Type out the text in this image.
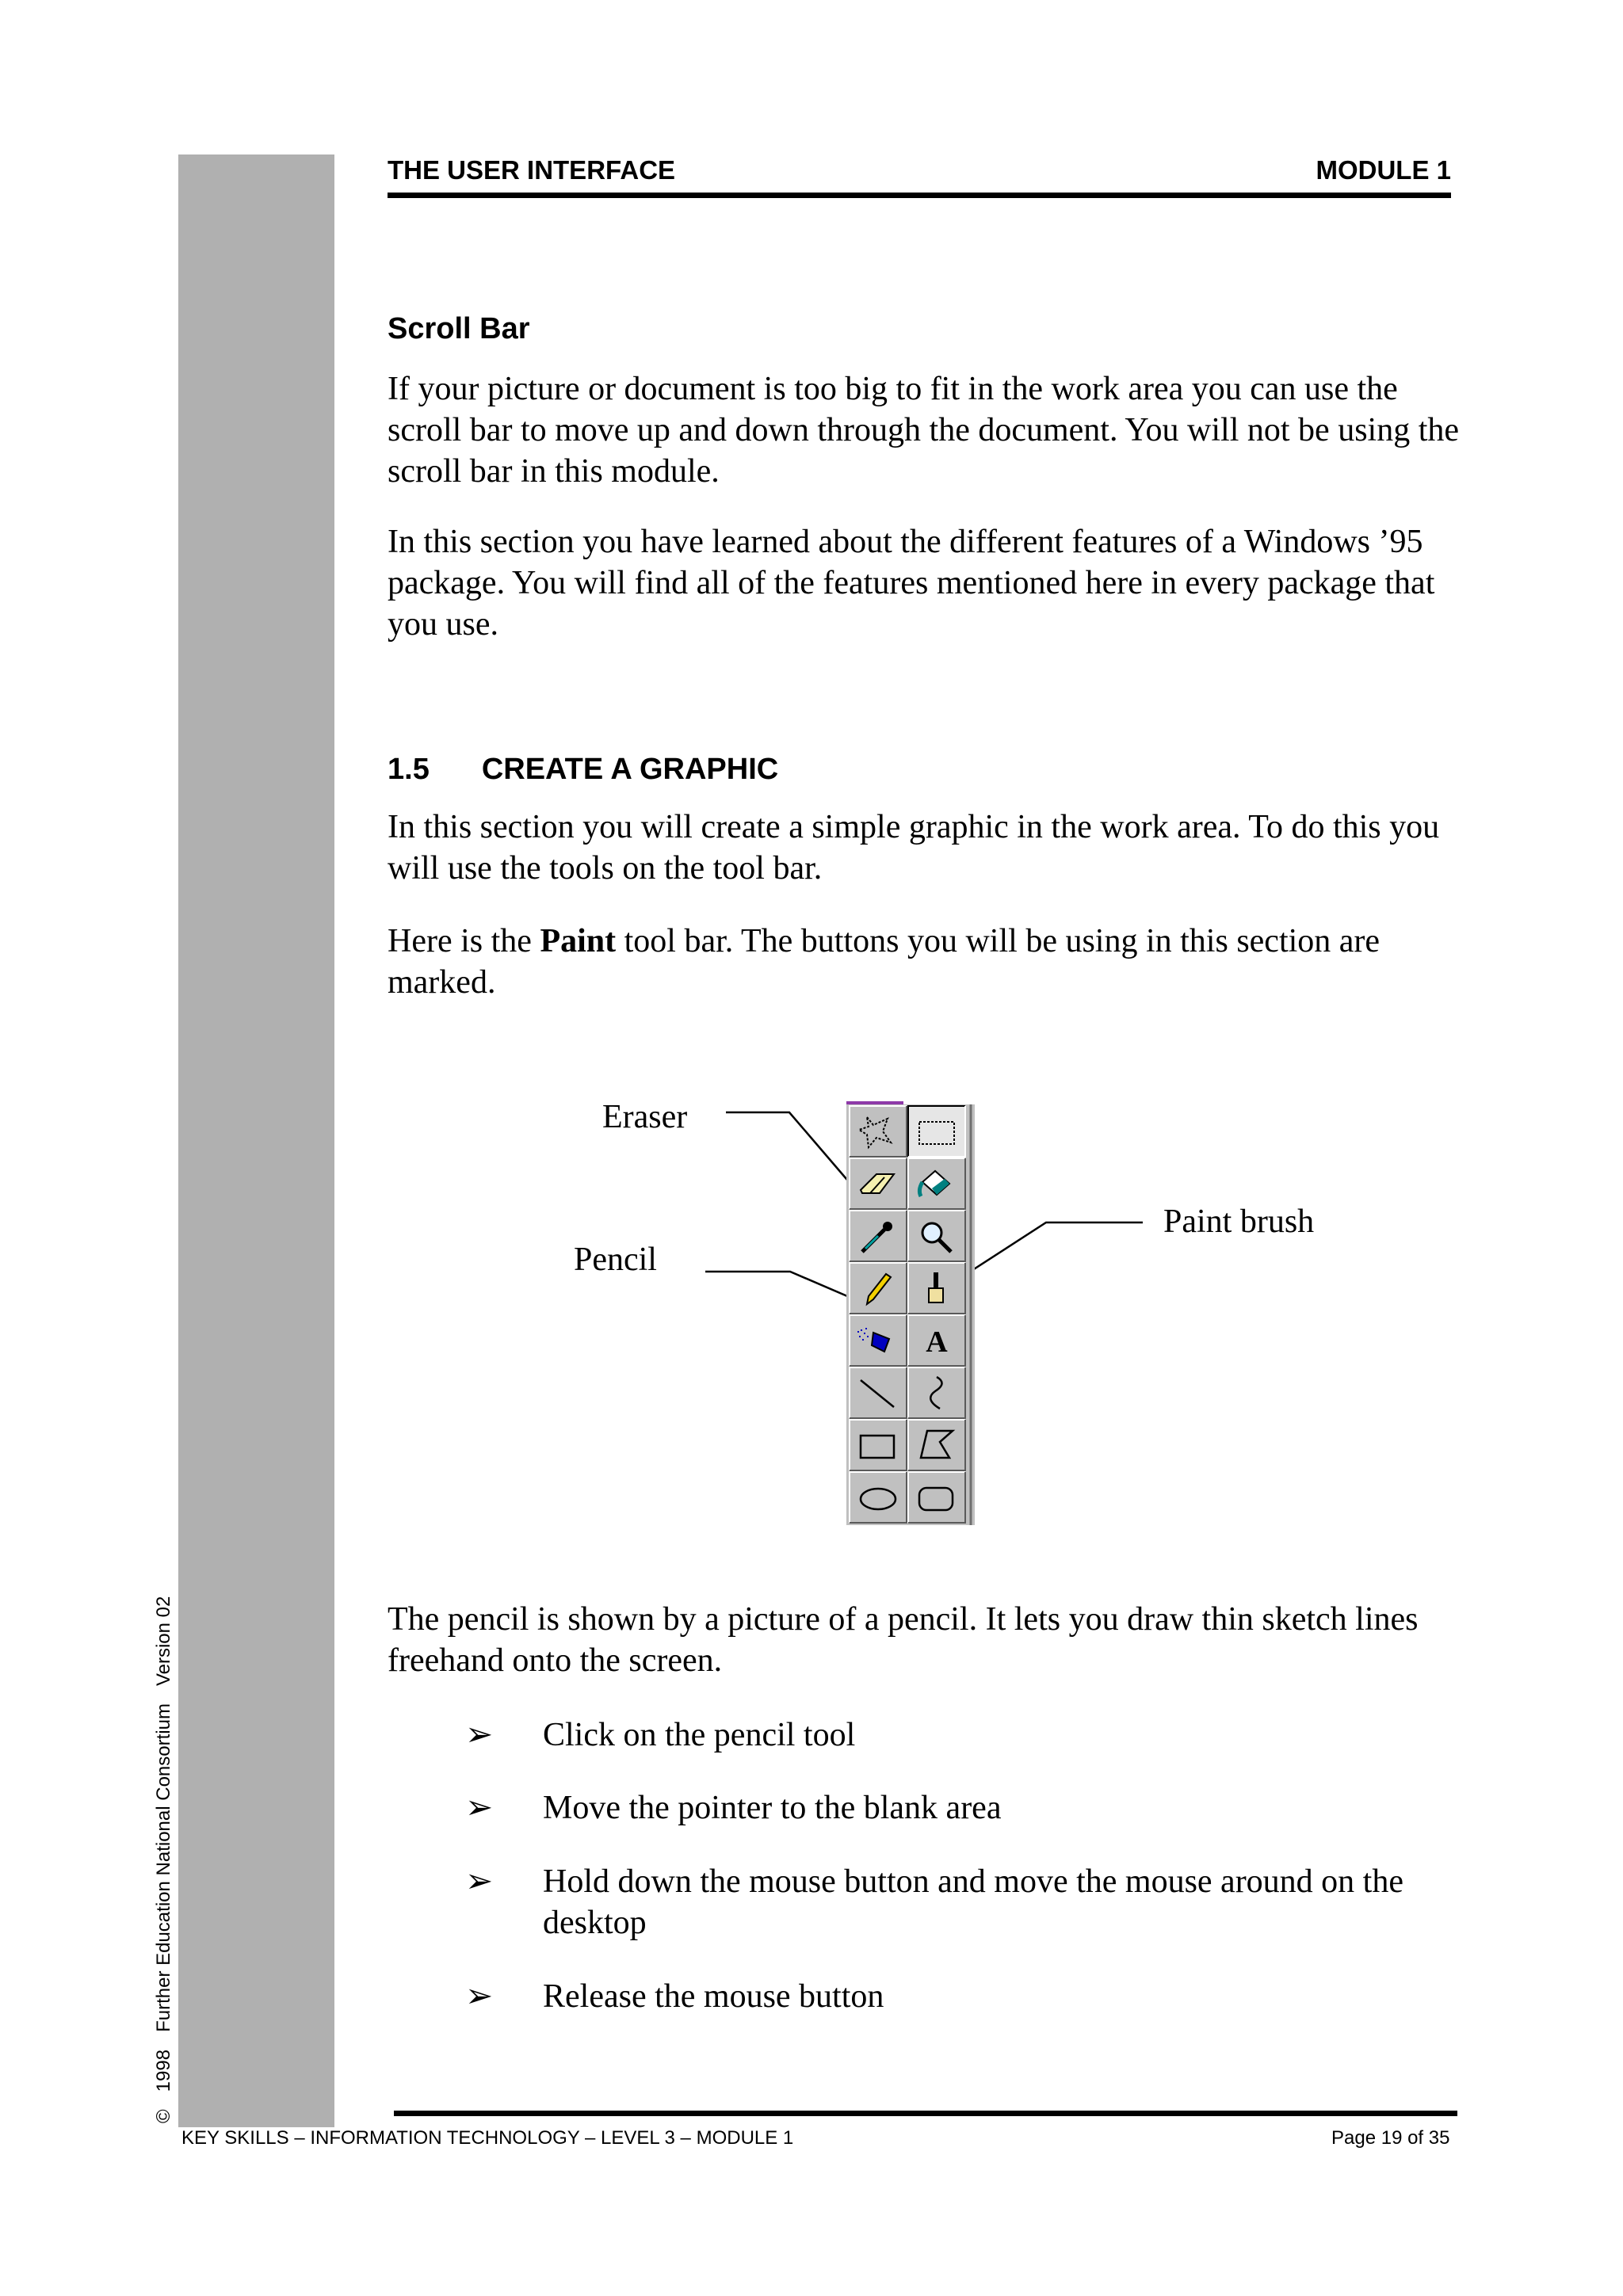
©1998Further Education National ConsortiumVersion 02
THE USER INTERFACE	MODULE 1
Scroll Bar

If your picture or document is too big to fit in the work area you can use the scroll bar to move up and down through the document. You will not be using the scroll bar in this module.

In this section you have learned about the different features of a Windows ’95 package. You will find all of the features mentioned here in every package that you use.

1.5 CREATE A GRAPHIC

In this section you will create a simple graphic in the work area. To do this you will use the tools on the tool bar.

Here is the Paint tool bar. The buttons you will be using in this section are marked.

Eraser
Pencil
Paint brush
A

The pencil is shown by a picture of a pencil. It lets you draw thin sketch lines freehand onto the screen.

➢ Click on the pencil tool
➢ Move the pointer to the blank area
➢ Hold down the mouse button and move the mouse around on the desktop
➢ Release the mouse button
KEY SKILLS – INFORMATION TECHNOLOGY – LEVEL 3 – MODULE 1	Page 19 of 35
